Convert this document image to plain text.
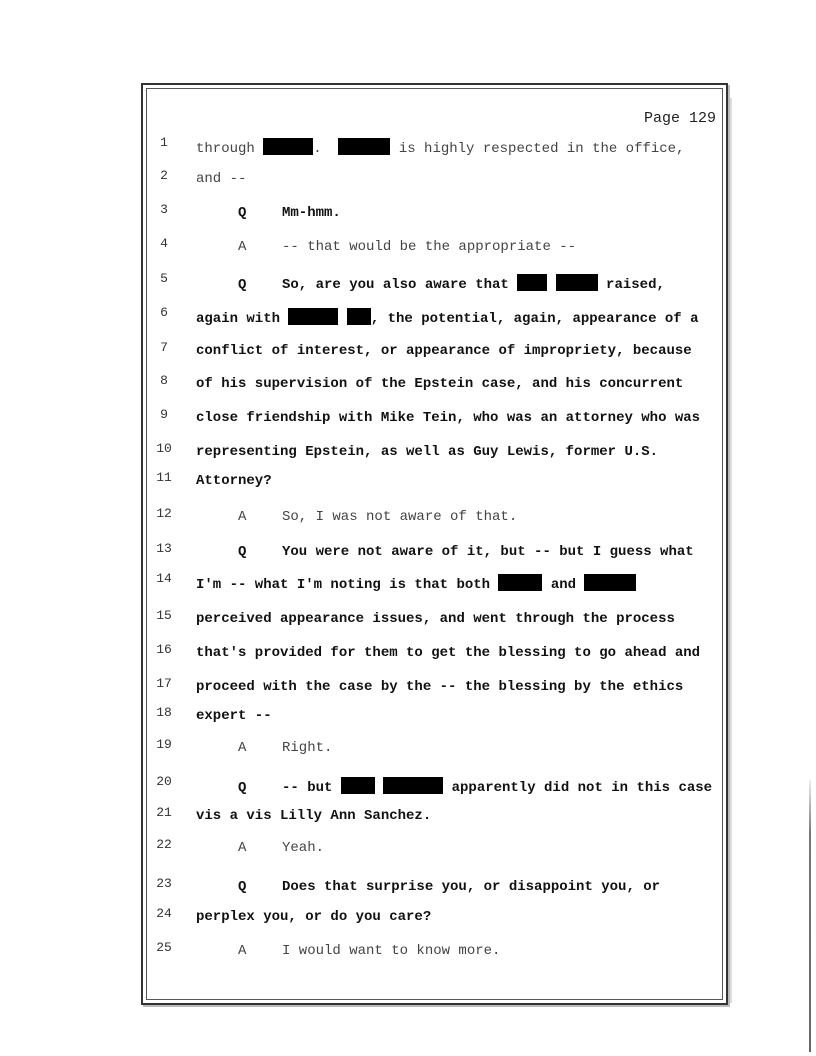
Page 129
1	through	.	is highly respected in the office,
2	and --
3	Q	Mm-hmm.
4	A	-- that would be the appropriate --
5	Q	So, are you also aware that	raised,
6	again with	, the potential, again, appearance of a
7	conflict of interest, or appearance of impropriety, because
8	of his supervision of the Epstein case, and his concurrent
9	close friendship with Mike Tein, who was an attorney who was
10	representing Epstein, as well as Guy Lewis, former U.S.
11	Attorney?
12	A	So, I was not aware of that.
13	Q	You were not aware of it, but -- but I guess what
14	I'm -- what I'm noting is that both	and
15	perceived appearance issues, and went through the process
16	that's provided for them to get the blessing to go ahead and
17	proceed with the case by the -- the blessing by the ethics
18	expert --
19	A	Right.
20	Q	-- but	apparently did not in this case
21	vis a vis Lilly Ann Sanchez.
22	A	Yeah.
23	Q	Does that surprise you, or disappoint you, or
24	perplex you, or do you care?
25	A	I would want to know more.
